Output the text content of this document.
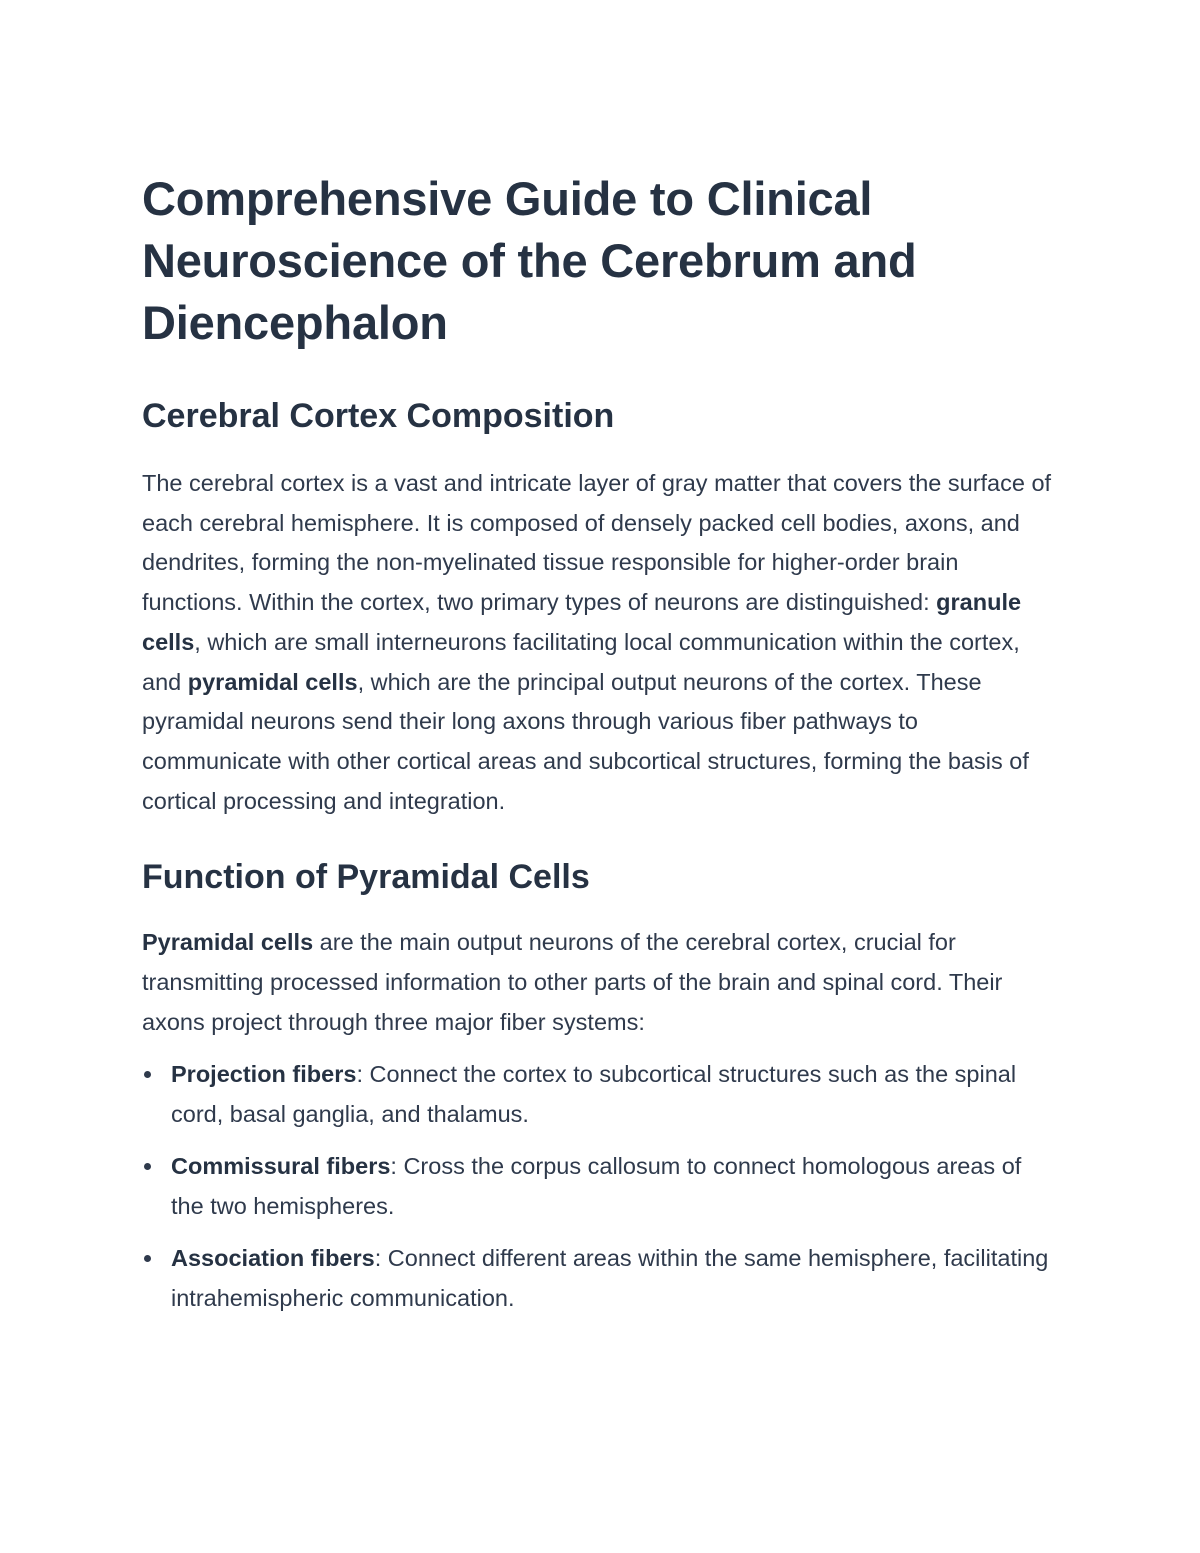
Comprehensive Guide to Clinical Neuroscience of the Cerebrum and Diencephalon
Cerebral Cortex Composition

The cerebral cortex is a vast and intricate layer of gray matter that covers the surface of each cerebral hemisphere. It is composed of densely packed cell bodies, axons, and dendrites, forming the non-myelinated tissue responsible for higher-order brain functions. Within the cortex, two primary types of neurons are distinguished: granule cells, which are small interneurons facilitating local communication within the cortex, and pyramidal cells, which are the principal output neurons of the cortex. These pyramidal neurons send their long axons through various fiber pathways to communicate with other cortical areas and subcortical structures, forming the basis of cortical processing and integration.

Function of Pyramidal Cells

Pyramidal cells are the main output neurons of the cerebral cortex, crucial for transmitting processed information to other parts of the brain and spinal cord. Their axons project through three major fiber systems:

Projection fibers: Connect the cortex to subcortical structures such as the spinal cord, basal ganglia, and thalamus.
Commissural fibers: Cross the corpus callosum to connect homologous areas of the two hemispheres.
Association fibers: Connect different areas within the same hemisphere, facilitating intrahemispheric communication.
